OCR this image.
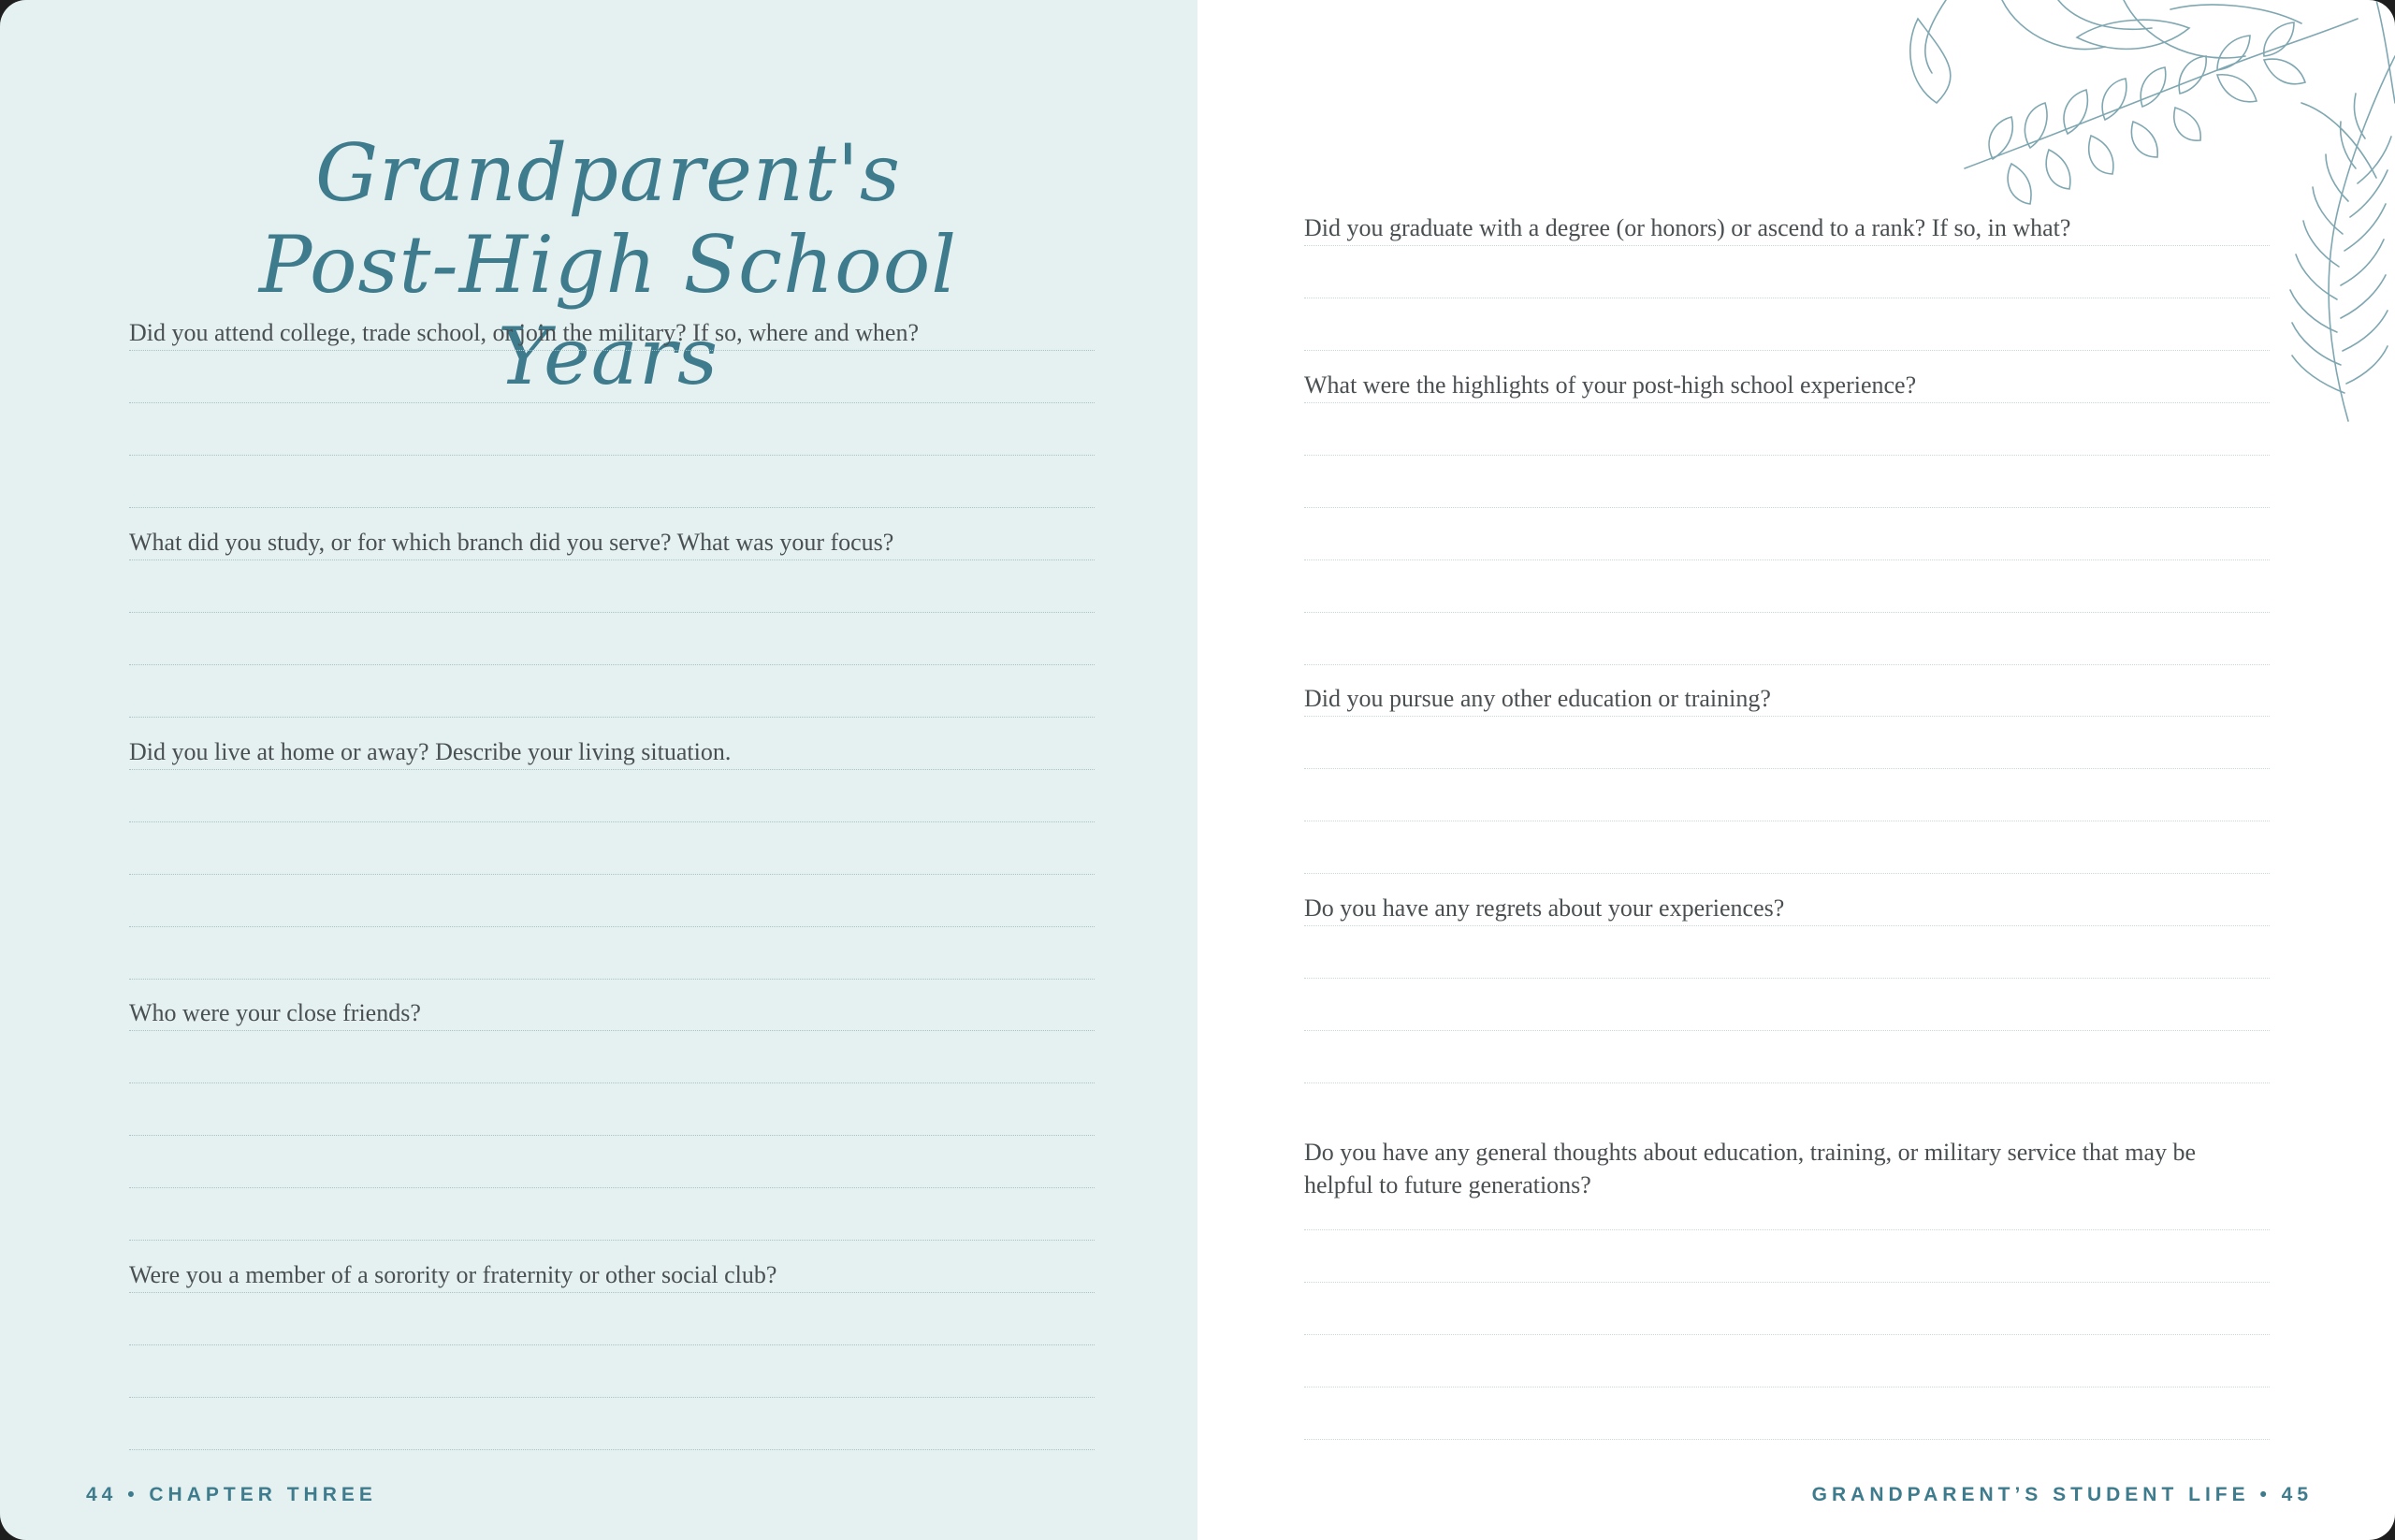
Grandparent's
Post-High School Years

Did you attend college, trade school, or join the military? If so, where and when?

What did you study, or for which branch did you serve? What was your focus?

Did you live at home or away? Describe your living situation.

Who were your close friends?

Were you a member of a sorority or fraternity or other social club?

44 • CHAPTER THREE

Did you graduate with a degree (or honors) or ascend to a rank? If so, in what?

What were the highlights of your post-high school experience?

Did you pursue any other education or training?

Do you have any regrets about your experiences?

Do you have any general thoughts about education, training, or military service that may be helpful to future generations?

GRANDPARENT’S STUDENT LIFE • 45
